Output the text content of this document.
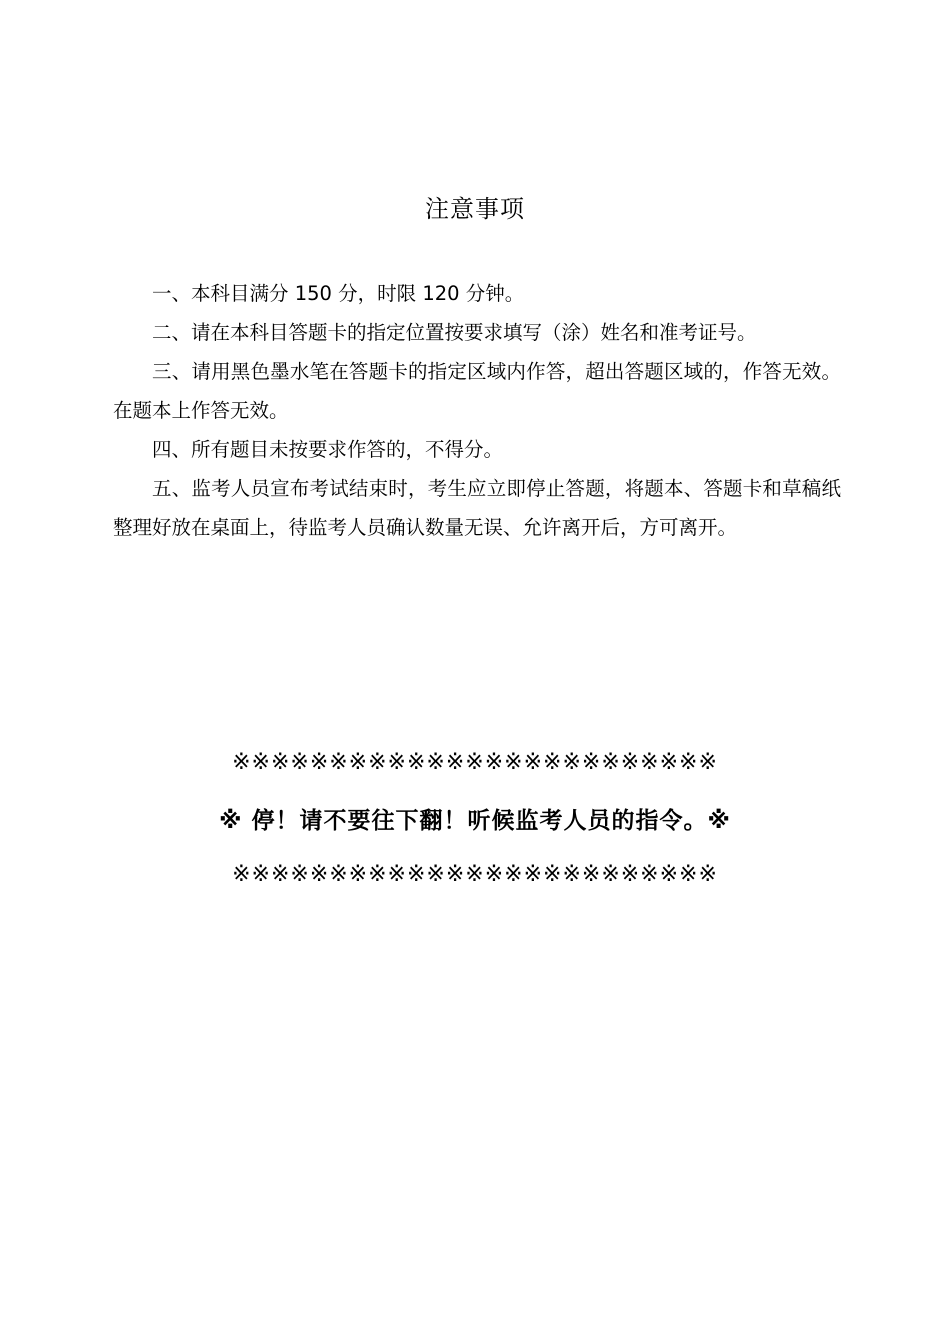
注意事项

一、本科目满分 150 分，时限 120 分钟。

二、请在本科目答题卡的指定位置按要求填写（涂）姓名和准考证号。

三、请用黑色墨水笔在答题卡的指定区域内作答，超出答题区域的，作答无效。在题本上作答无效。

四、所有题目未按要求作答的，不得分。

五、监考人员宣布考试结束时，考生应立即停止答题，将题本、答题卡和草稿纸整理好放在桌面上，待监考人员确认数量无误、允许离开后，方可离开。

※※※※※※※※※※※※※※※※※※※※※※※※※
※ 停！请不要往下翻！听候监考人员的指令。※
※※※※※※※※※※※※※※※※※※※※※※※※※
